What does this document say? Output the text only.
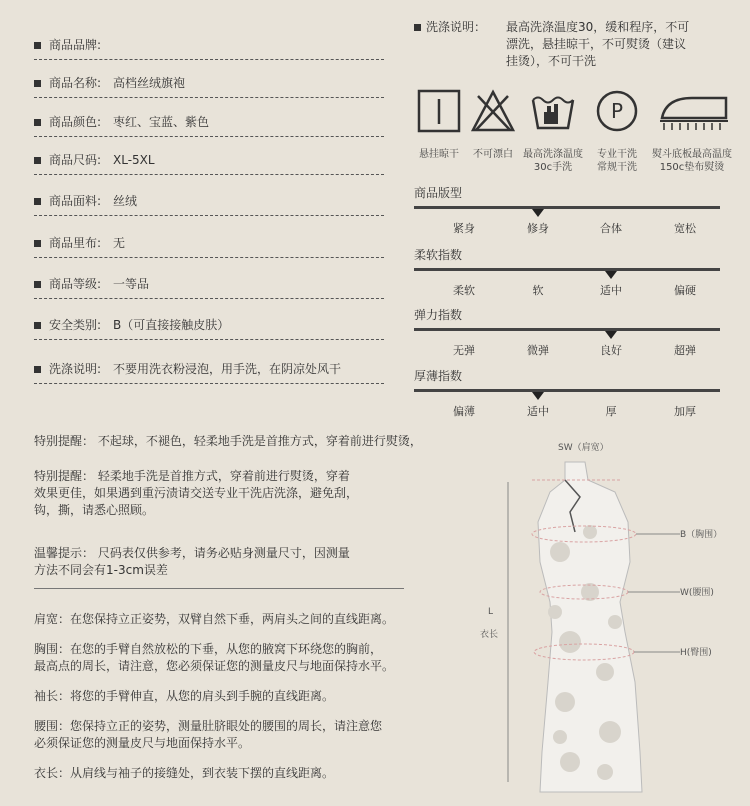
商品品牌:
商品名称: 高档丝绒旗袍
商品颜色: 枣红、宝蓝、紫色
商品尺码: XL-5XL
商品面料: 丝绒
商品里布: 无
商品等级: 一等品
安全类别: B（可直接接触皮肤）
洗涤说明: 不要用洗衣粉浸泡，用手洗，在阴凉处风干
特别提醒： 不起球，不褪色，轻柔地手洗是首推方式，穿着前进行熨烫，
特别提醒： 轻柔地手洗是首推方式，穿着前进行熨烫，穿着
效果更佳，如果遇到重污渍请交送专业干洗店洗涤，避免刮，
钩，撕，请悉心照顾。
温馨提示： 尺码表仅供参考，请务必贴身测量尺寸，因测量
方法不同会有1-3cm误差
肩宽：在您保持立正姿势，双臂自然下垂，两肩头之间的直线距离。
胸围：在您的手臂自然放松的下垂，从您的腋窝下环绕您的胸前，
最高点的周长，请注意，您必须保证您的测量皮尺与地面保持水平。
袖长：将您的手臂伸直，从您的肩头到手腕的直线距离。
腰围：您保持立正的姿势，测量肚脐眼处的腰围的周长，请注意您
必须保证您的测量皮尺与地面保持水平。
衣长：从肩线与袖子的接缝处，到衣装下摆的直线距离。
洗涤说明： 最高洗涤温度30，缓和程序，不可
漂洗，悬挂晾干，不可熨烫（建议
挂烫），不可干洗
P
悬挂晾干	不可漂白	最高洗涤温度
30c手洗
专业干洗
常规干洗
熨斗底板最高温度
150c垫布熨烫
商品版型
紧身	修身	合体	宽松
柔软指数
柔软	软	适中	偏硬
弹力指数
无弹	微弹	良好	超弹
厚薄指数
偏薄	适中	厚	加厚
SW（肩宽）
B（胸围）
W(腰围)
H(臀围)
L
衣长
